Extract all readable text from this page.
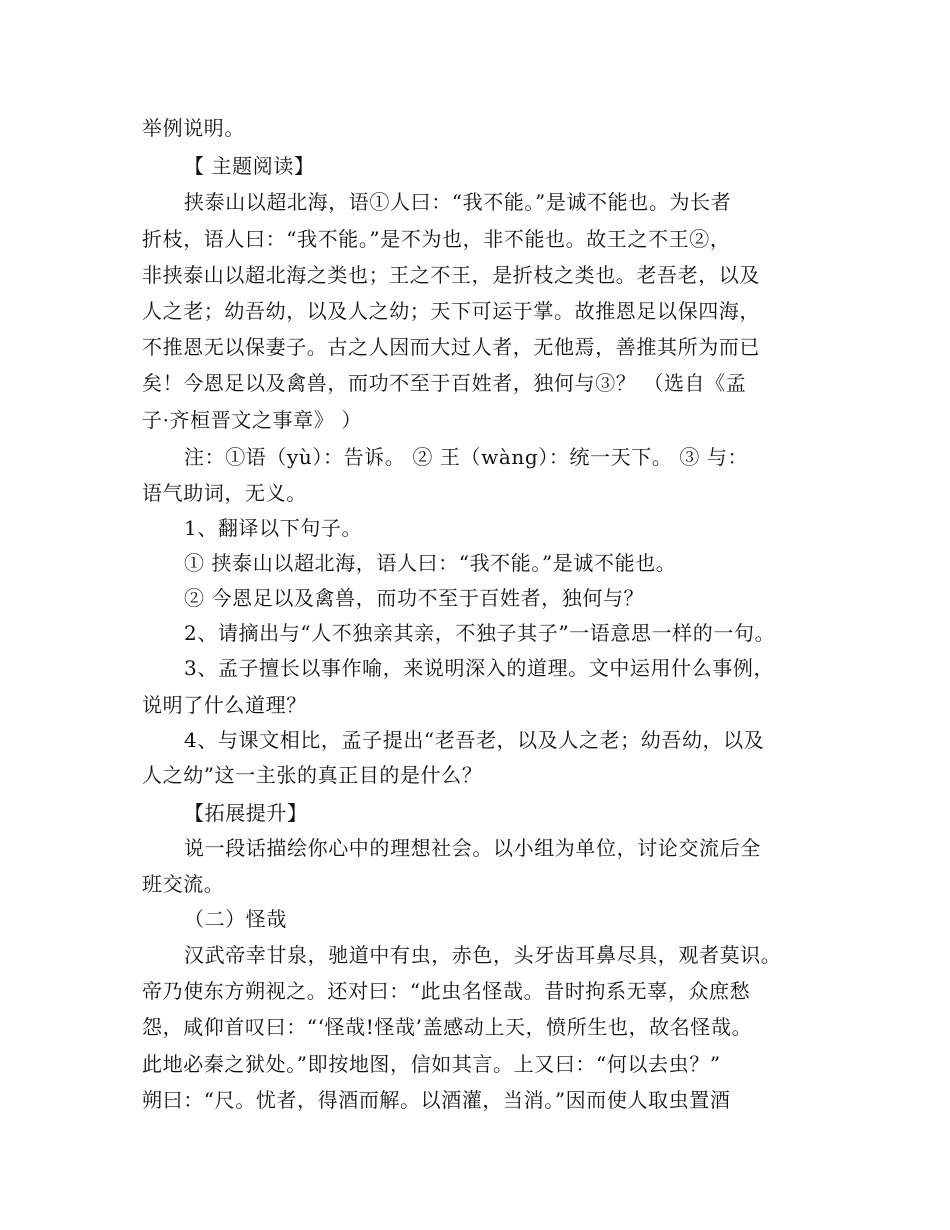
举例说明。
【 主题阅读】
挟泰山以超北海，语①人曰：“我不能。”是诚不能也。为长者
折枝，语人曰：“我不能。”是不为也，非不能也。故王之不王②，
非挟泰山以超北海之类也；王之不王，是折枝之类也。老吾老，以及
人之老；幼吾幼，以及人之幼；天下可运于掌。故推恩足以保四海，
不推恩无以保妻子。古之人因而大过人者，无他焉，善推其所为而已
矣！今恩足以及禽兽，而功不至于百姓者，独何与③？ （选自《孟
子·齐桓晋文之事章》 ）
注：①语（yù）：告诉。 ② 王（wàng）：统一天下。 ③ 与：
语气助词，无义。
1、翻译以下句子。
① 挟泰山以超北海，语人曰：“我不能。”是诚不能也。
② 今恩足以及禽兽，而功不至于百姓者，独何与？
2、请摘出与“人不独亲其亲，不独子其子”一语意思一样的一句。
3、孟子擅长以事作喻，来说明深入的道理。文中运用什么事例，
说明了什么道理？
4、与课文相比，孟子提出“老吾老，以及人之老；幼吾幼，以及
人之幼”这一主张的真正目的是什么？
【拓展提升】
说一段话描绘你心中的理想社会。以小组为单位，讨论交流后全
班交流。
（二）怪哉
汉武帝幸甘泉，驰道中有虫，赤色，头牙齿耳鼻尽具，观者莫识。
帝乃使东方朔视之。还对曰：“此虫名怪哉。昔时拘系无辜，众庶愁
怨，咸仰首叹曰：“‘怪哉!怪哉’盖感动上天，愤所生也，故名怪哉。
此地必秦之狱处。”即按地图，信如其言。上又曰：“何以去虫？”
朔曰：“尺。忧者，得酒而解。以酒灌，当消。”因而使人取虫置酒
